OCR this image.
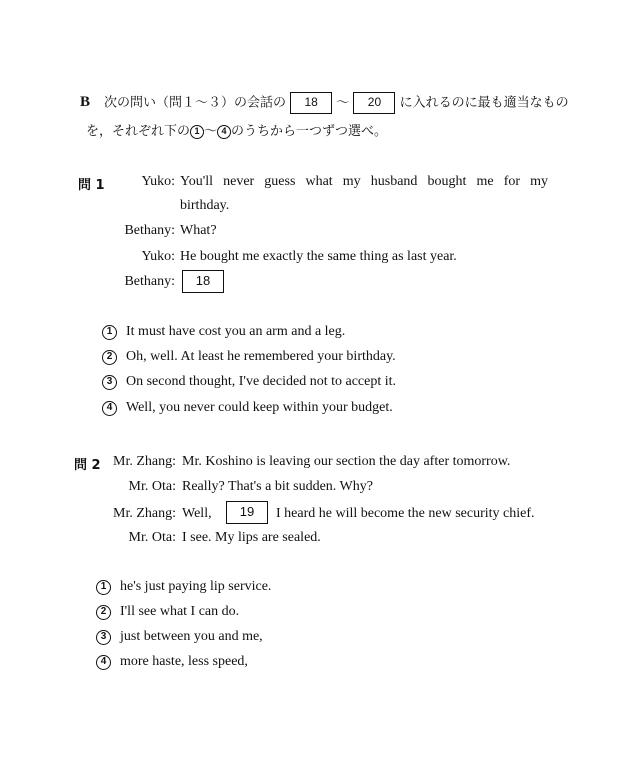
B 次の問い（問１～３）の会話の 18 ～ 20 に入れるのに最も適当なもの
を，それぞれ下の 1 ～ 4 のうちから一つずつ選べ。
問 1	Yuko: You'll never guess what my husband bought me for my
birthday.
Bethany: What?
Yuko: He bought me exactly the same thing as last year.
Bethany:	18
1 It must have cost you an arm and a leg.
2 Oh, well. At least he remembered your birthday.
3 On second thought, I've decided not to accept it.
4 Well, you never could keep within your budget.
問 2 Mr. Zhang: Mr. Koshino is leaving our section the day after tomorrow.
Mr. Ota: Really? That's a bit sudden. Why?
Mr. Zhang: Well,	19	I heard he will become the new security chief.
Mr. Ota: I see. My lips are sealed.
1 he's just paying lip service.
2 I'll see what I can do.
3 just between you and me,
4 more haste, less speed,
